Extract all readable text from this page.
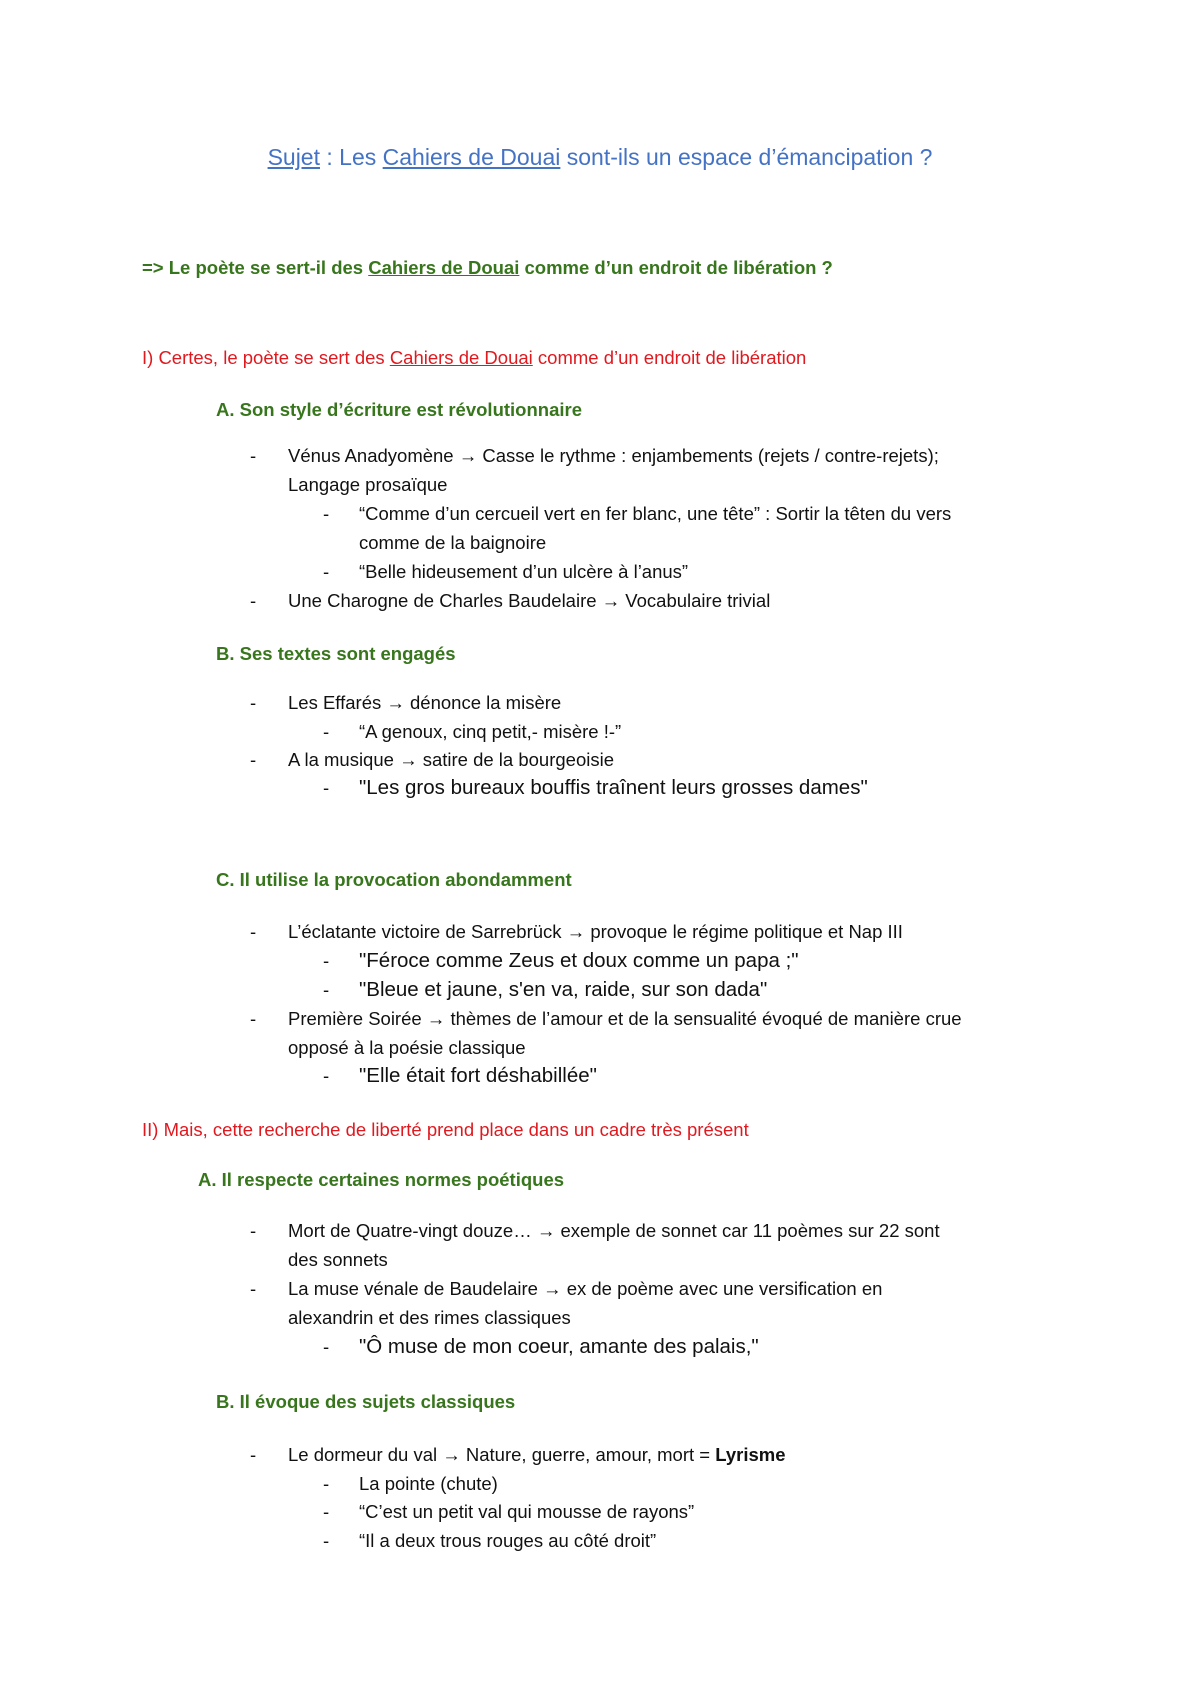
Sujet : Les Cahiers de Douai sont-ils un espace d’émancipation ?
=> Le poète se sert-il des Cahiers de Douai comme d’un endroit de libération ?
I) Certes, le poète se sert des Cahiers de Douai comme d’un endroit de libération
A. Son style d’écriture est révolutionnaire
- Vénus Anadyomène → Casse le rythme : enjambements (rejets / contre-rejets);
Langage prosaïque
- “Comme d’un cercueil vert en fer blanc, une tête” : Sortir la têten du vers
comme de la baignoire
- “Belle hideusement d’un ulcère à l’anus”
- Une Charogne de Charles Baudelaire → Vocabulaire trivial
B. Ses textes sont engagés
- Les Effarés → dénonce la misère
- “A genoux, cinq petit,- misère !-”
- A la musique → satire de la bourgeoisie
- "Les gros bureaux bouffis traînent leurs grosses dames"
C. Il utilise la provocation abondamment
- L’éclatante victoire de Sarrebrück → provoque le régime politique et Nap III
- "Féroce comme Zeus et doux comme un papa ;"
- "Bleue et jaune, s'en va, raide, sur son dada"
- Première Soirée → thèmes de l’amour et de la sensualité évoqué de manière crue
opposé à la poésie classique
- "Elle était fort déshabillée"
II) Mais, cette recherche de liberté prend place dans un cadre très présent
A. Il respecte certaines normes poétiques
- Mort de Quatre-vingt douze… → exemple de sonnet car 11 poèmes sur 22 sont
des sonnets
- La muse vénale de Baudelaire → ex de poème avec une versification en
alexandrin et des rimes classiques
- "Ô muse de mon coeur, amante des palais,"
B. Il évoque des sujets classiques
- Le dormeur du val → Nature, guerre, amour, mort = Lyrisme
- La pointe (chute)
- “C’est un petit val qui mousse de rayons”
- “Il a deux trous rouges au côté droit”
